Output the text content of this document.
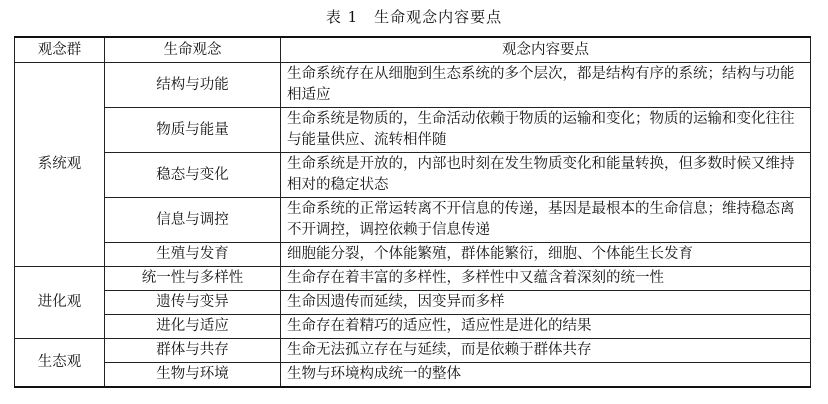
表 1　生命观念内容要点
观念群	生命观念	观念内容要点
系统观	结构与功能	生命系统存在从细胞到生态系统的多个层次，都是结构有序的系统；结构与功能相适应
	物质与能量	生命系统是物质的，生命活动依赖于物质的运输和变化；物质的运输和变化往往与能量供应、流转相伴随
	稳态与变化	生命系统是开放的，内部也时刻在发生物质变化和能量转换，但多数时候又维持相对的稳定状态
	信息与调控	生命系统的正常运转离不开信息的传递，基因是最根本的生命信息；维持稳态离不开调控，调控依赖于信息传递
	生殖与发育	细胞能分裂，个体能繁殖，群体能繁衍，细胞、个体能生长发育
进化观	统一性与多样性	生命存在着丰富的多样性，多样性中又蕴含着深刻的统一性
	遗传与变异	生命因遗传而延续，因变异而多样
	进化与适应	生命存在着精巧的适应性，适应性是进化的结果
生态观	群体与共存	生命无法孤立存在与延续，而是依赖于群体共存
	生物与环境	生物与环境构成统一的整体
